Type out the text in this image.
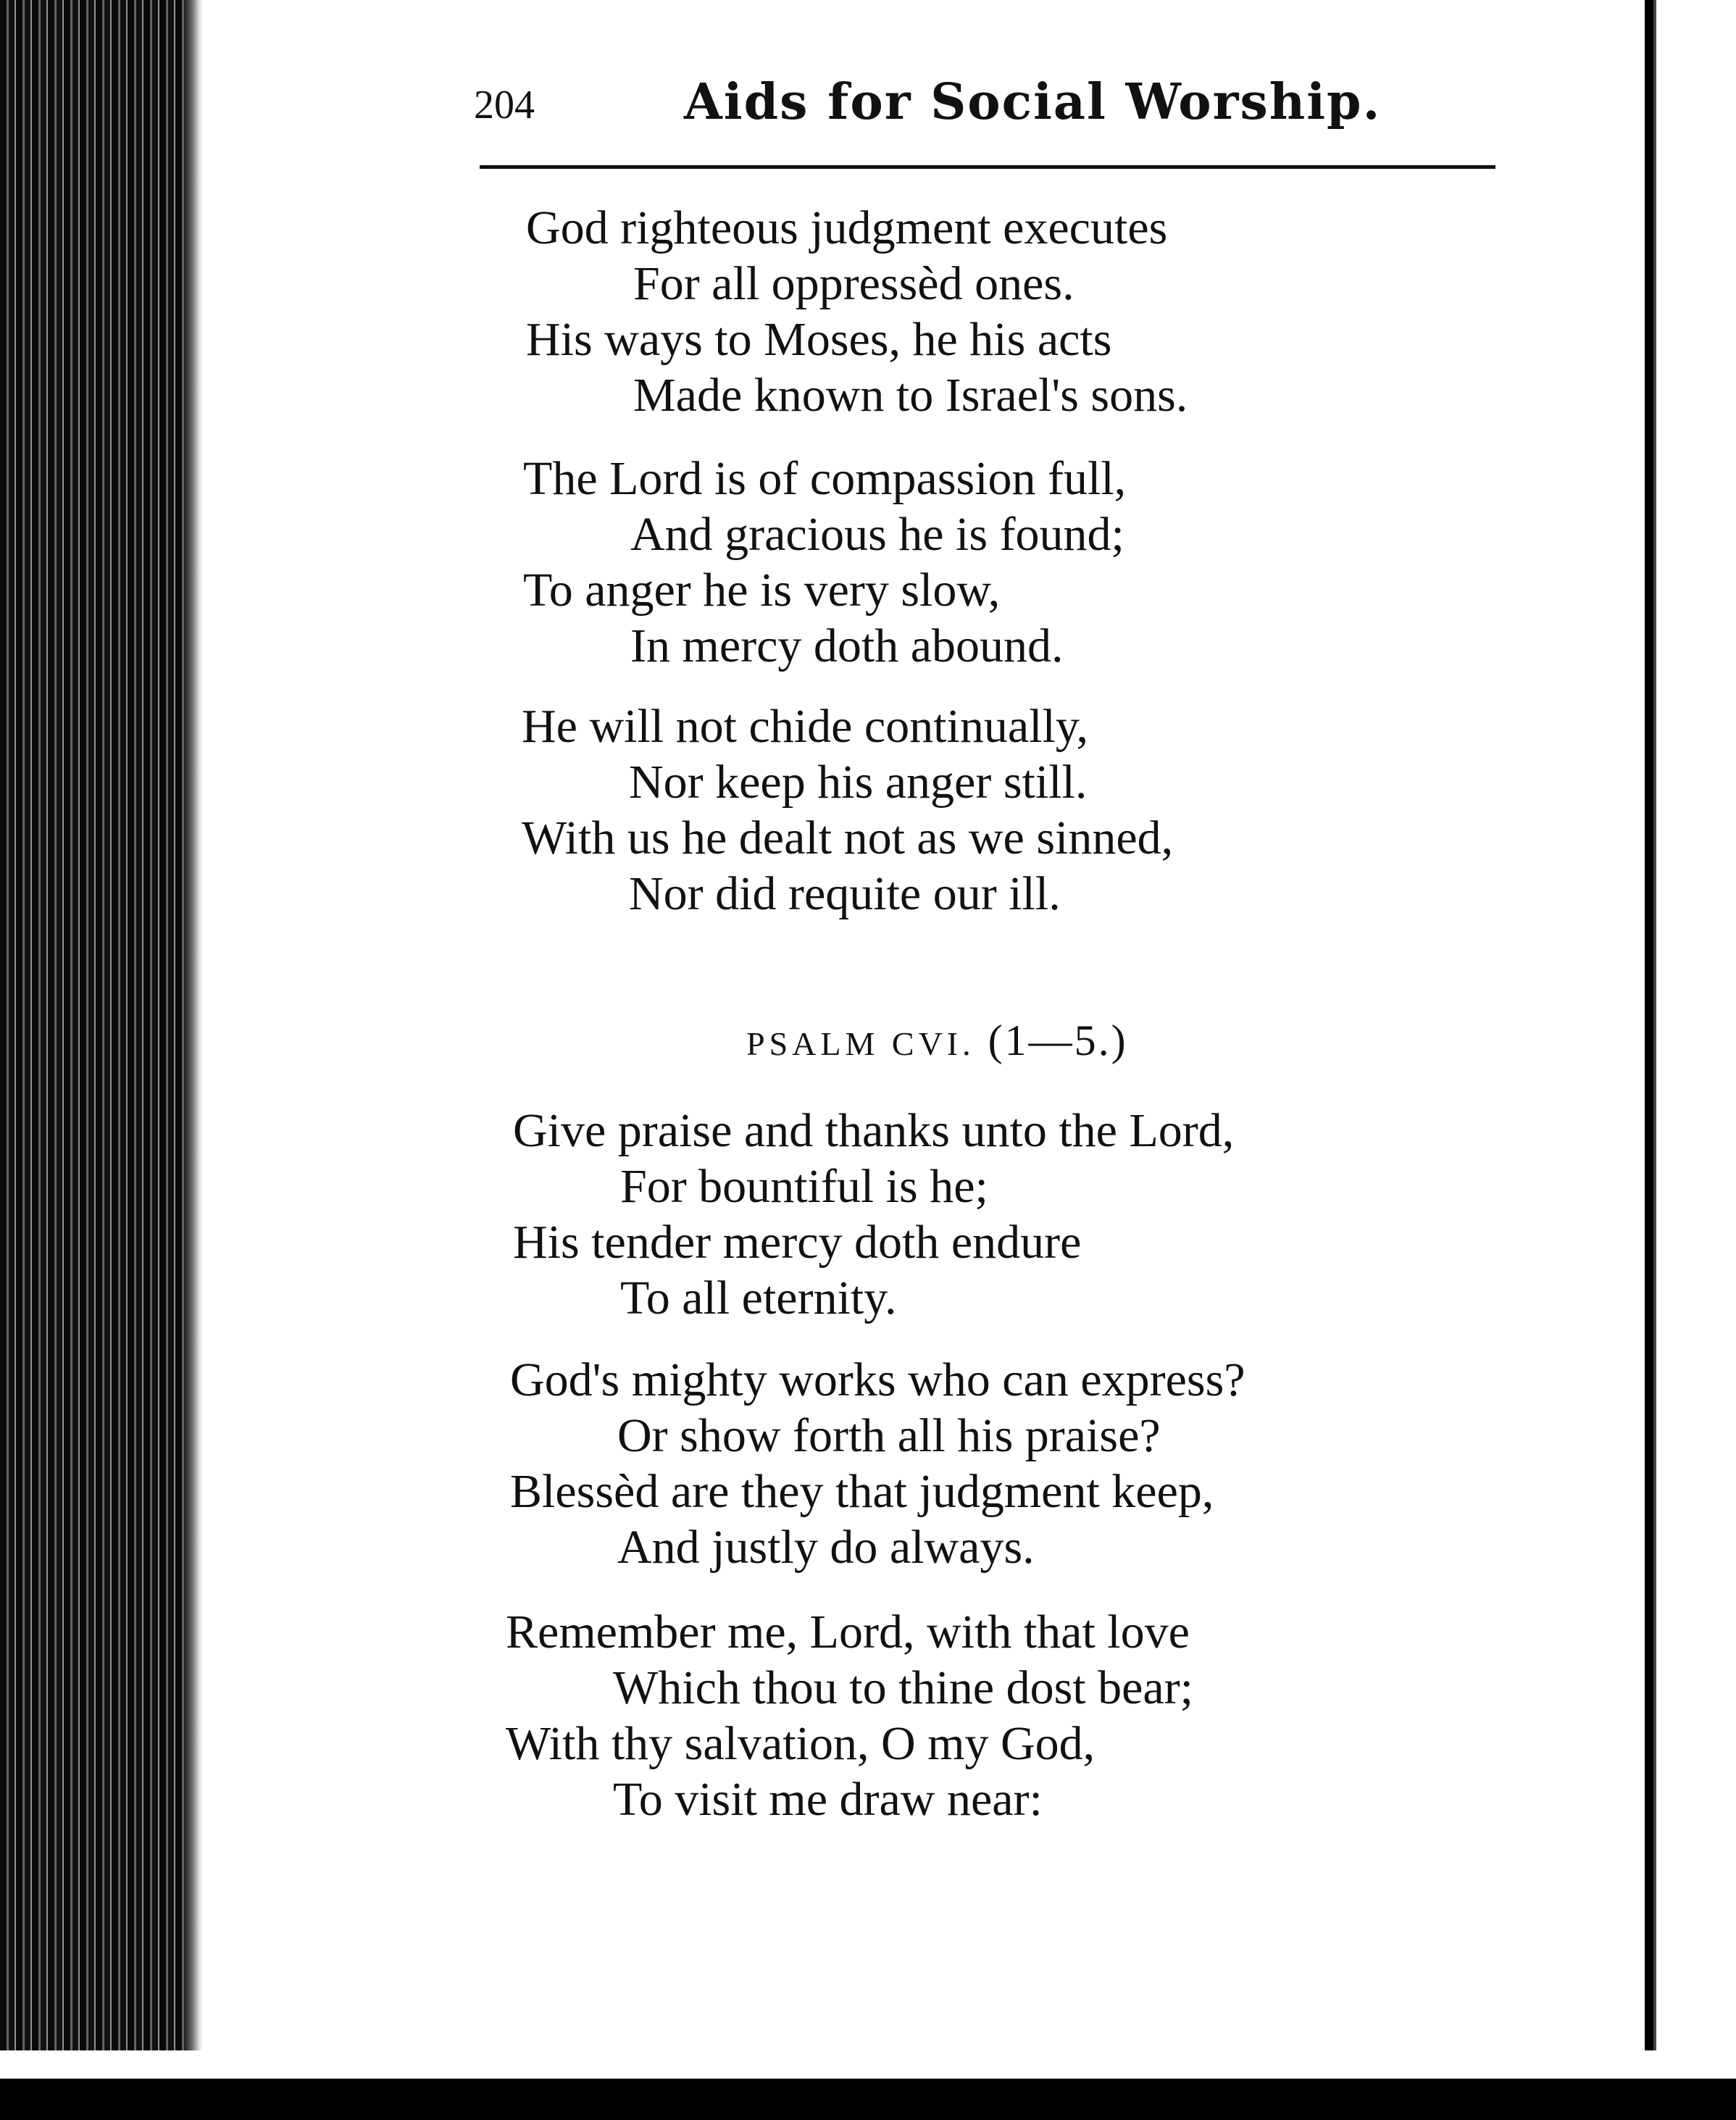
204	Aids for Social Worship.

God righteous judgment executes
For all oppressèd ones.
His ways to Moses, he his acts
Made known to Israel's sons.

The Lord is of compassion full,
And gracious he is found;
To anger he is very slow,
In mercy doth abound.

He will not chide continually,
Nor keep his anger still.
With us he dealt not as we sinned,
Nor did requite our ill.

PSALM CVI. (1—5.)

Give praise and thanks unto the Lord,
For bountiful is he;
His tender mercy doth endure
To all eternity.

God's mighty works who can express?
Or show forth all his praise?
Blessèd are they that judgment keep,
And justly do always.

Remember me, Lord, with that love
Which thou to thine dost bear;
With thy salvation, O my God,
To visit me draw near:
